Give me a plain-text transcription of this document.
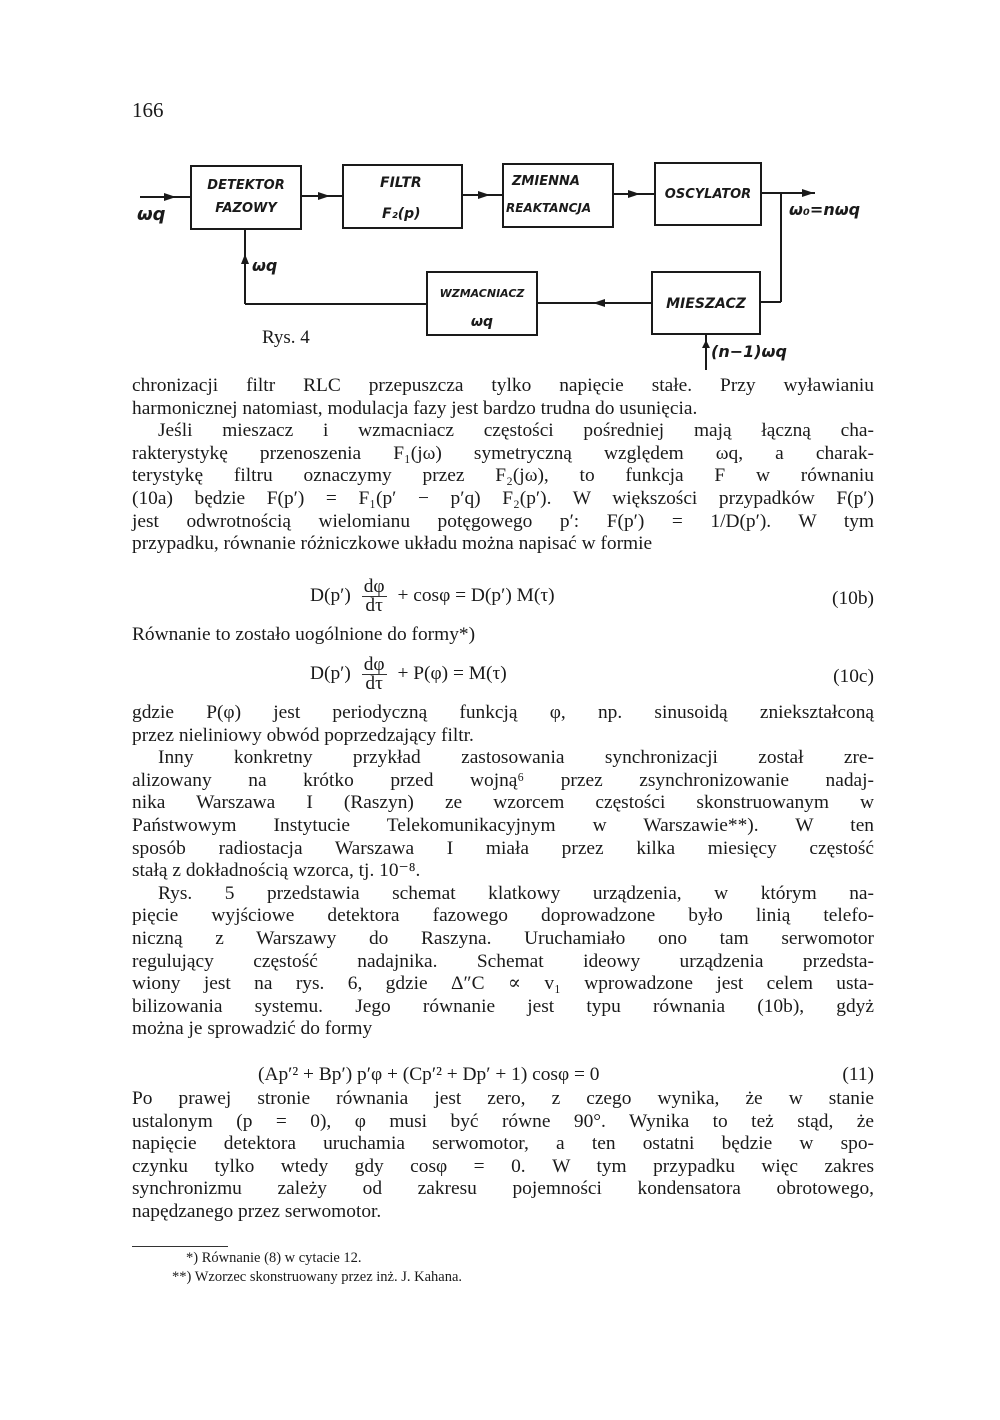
166
DETEKTOR
FAZOWY
FILTR
F₂(p)
ZMIENNA
REAKTANCJA
OSCYLATOR
WZMACNIACZ
ωq
MIESZACZ
ωq
ωq
ω₀=nωq
(n−1)ωq
Rys. 4
chronizacji filtr RLC przepuszcza tylko napięcie stałe. Przy wyławianiu
harmonicznej natomiast, modulacja fazy jest bardzo trudna do usunięcia.
Jeśli mieszacz i wzmacniacz częstości pośredniej mają łączną cha-
rakterystykę przenoszenia F₁(jω) symetryczną względem ωq, a charak-
terystykę filtru oznaczymy przez F₂(jω), to funkcja F w równaniu
(10a) będzie F(p′) = F₁(p′ − p′q) F₂(p′). W większości przypadków F(p′)
jest odwrotnością wielomianu potęgowego p′: F(p′) = 1/D(p′). W tym
przypadku, równanie różniczkowe układu można napisać w formie
$D(p') \frac{d\varphi}{d\tau} + \cos\varphi = D(p')$ M(τ)	(10b)
Równanie to zostało uogólnione do formy*)
$D(p') \frac{d\varphi}{d\tau} + P(\varphi) = M(\tau)$	(10c)
gdzie P(φ) jest periodyczną funkcją φ, np. sinusoidą zniekształconą
przez nieliniowy obwód poprzedzający filtr.
Inny konkretny przykład zastosowania synchronizacji został zre-
alizowany na krótko przed wojną⁶ przez zsynchronizowanie nadaj-
nika Warszawa I (Raszyn) ze wzorcem częstości skonstruowanym w
Państwowym Instytucie Telekomunikacyjnym w Warszawie**). W ten
sposób radiostacja Warszawa I miała przez kilka miesięcy częstość
stałą z dokładnością wzorca, tj. 10⁻⁸.
Rys. 5 przedstawia schemat klatkowy urządzenia, w którym na-
pięcie wyjściowe detektora fazowego doprowadzone było linią telefo-
niczną z Warszawy do Raszyna. Uruchamiało ono tam serwomotor
regulujący częstość nadajnika. Schemat ideowy urządzenia przedsta-
wiony jest na rys. 6, gdzie Δ″C ∝ v₁ wprowadzone jest celem usta-
bilizowania systemu. Jego równanie jest typu równania (10b), gdyż
można je sprowadzić do formy
(Ap′² + Bp′) p′φ + (Cp′² + Dp′ + 1) cosφ = 0	(11)
Po prawej stronie równania jest zero, z czego wynika, że w stanie
ustalonym (p = 0), φ musi być równe 90°. Wynika to też stąd, że
napięcie detektora uruchamia serwomotor, a ten ostatni będzie w spo-
czynku tylko wtedy gdy cosφ = 0. W tym przypadku więc zakres
synchronizmu zależy od zakresu pojemności kondensatora obrotowego,
napędzanego przez serwomotor.
*) Równanie (8) w cytacie 12.
**) Wzorzec skonstruowany przez inż. J. Kahana.
